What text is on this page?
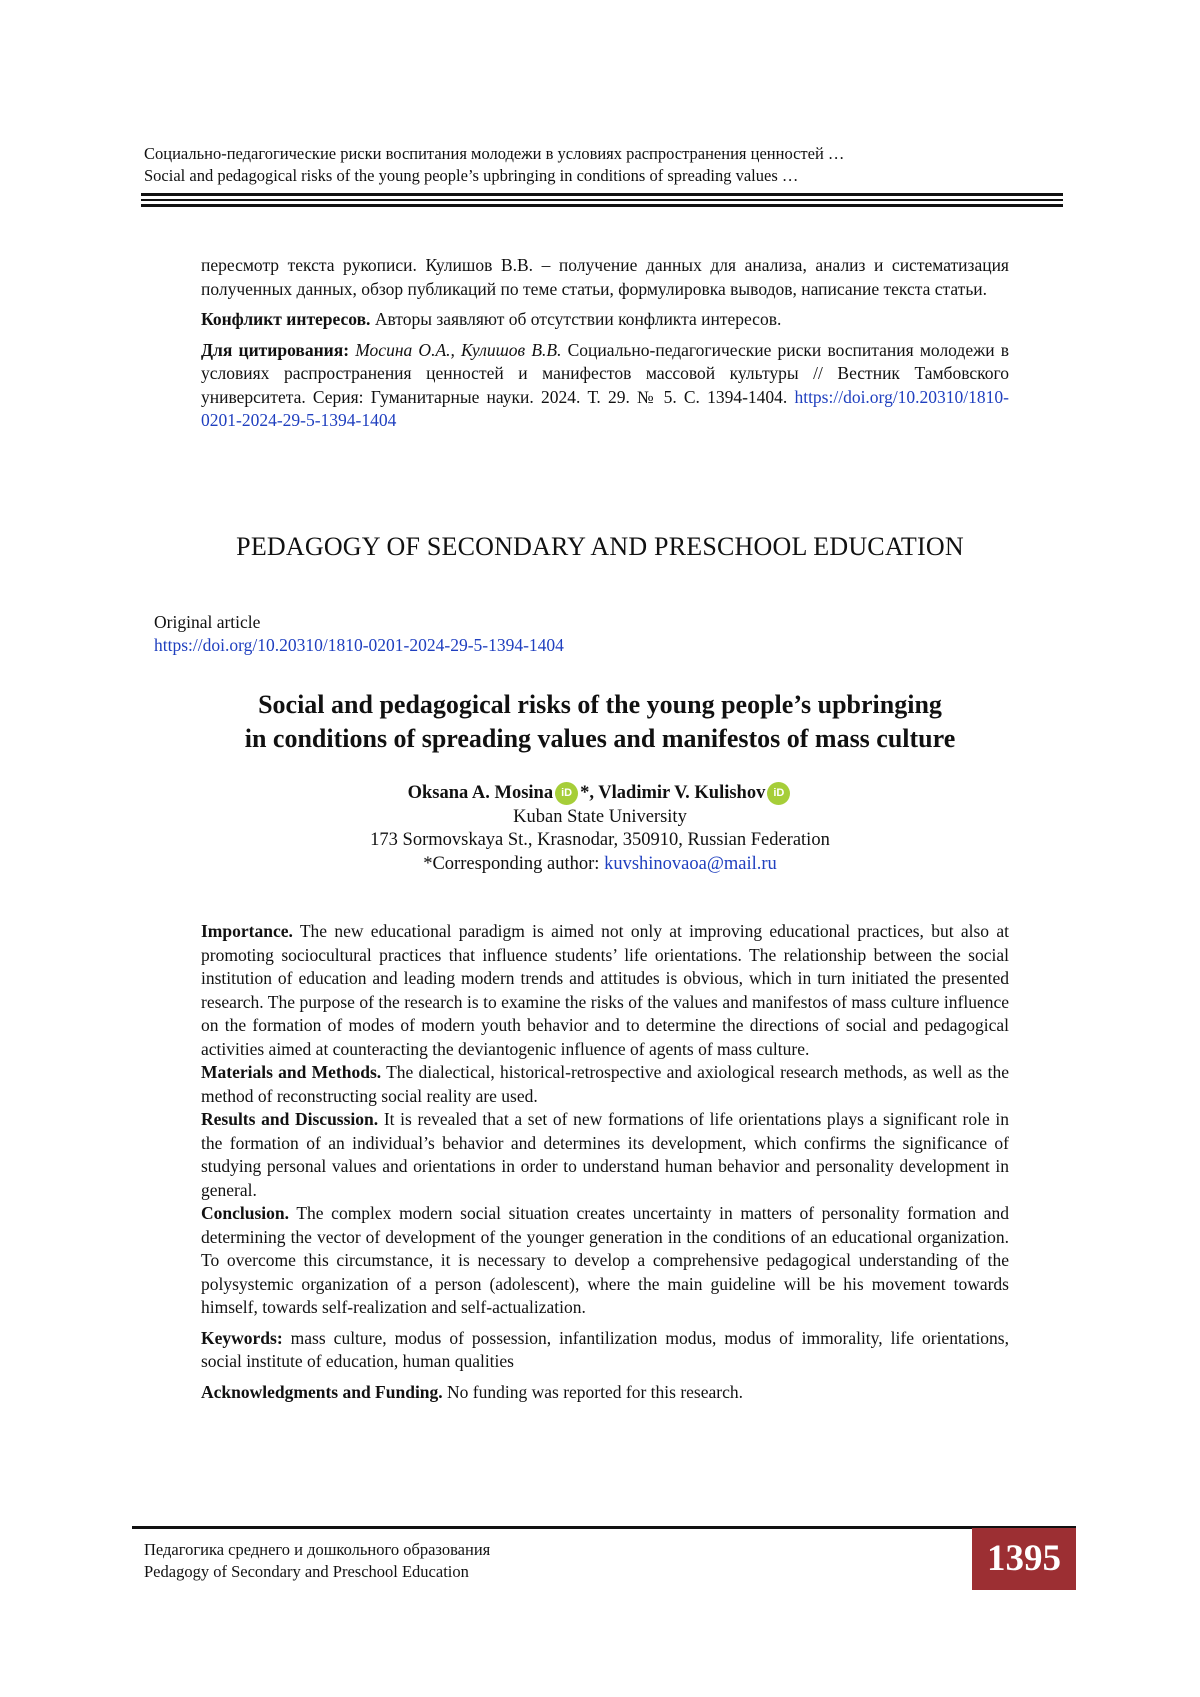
Социально-педагогические риски воспитания молодежи в условиях распространения ценностей …
Social and pedagogical risks of the young people’s upbringing in conditions of spreading values …

пересмотр текста рукописи. Кулишов В.В. – получение данных для анализа, анализ и систематизация полученных данных, обзор публикаций по теме статьи, формулировка выводов, написание текста статьи.

Конфликт интересов. Авторы заявляют об отсутствии конфликта интересов.

Для цитирования: Мосина О.А., Кулишов В.В. Социально-педагогические риски воспитания молодежи в условиях распространения ценностей и манифестов массовой культуры // Вестник Тамбовского университета. Серия: Гуманитарные науки. 2024. Т. 29. № 5. С. 1394-1404. https://doi.org/10.20310/1810-0201-2024-29-5-1394-1404

PEDAGOGY OF SECONDARY AND PRESCHOOL EDUCATION
Original article
https://doi.org/10.20310/1810-0201-2024-29-5-1394-1404
Social and pedagogical risks of the young people’s upbringing
in conditions of spreading values and manifestos of mass culture
Oksana A. Mosina iD *, Vladimir V. Kulishov iD
Kuban State University
173 Sormovskaya St., Krasnodar, 350910, Russian Federation
*Corresponding author: kuvshinovaoa@mail.ru

Importance. The new educational paradigm is aimed not only at improving educational practices, but also at promoting sociocultural practices that influence students’ life orientations. The relationship between the social institution of education and leading modern trends and attitudes is obvious, which in turn initiated the presented research. The purpose of the research is to examine the risks of the values and manifestos of mass culture influence on the formation of modes of modern youth behavior and to determine the directions of social and pedagogical activities aimed at counteracting the deviantogenic influence of agents of mass culture.

Materials and Methods. The dialectical, historical-retrospective and axiological research methods, as well as the method of reconstructing social reality are used.

Results and Discussion. It is revealed that a set of new formations of life orientations plays a significant role in the formation of an individual’s behavior and determines its development, which confirms the significance of studying personal values and orientations in order to understand human behavior and personality development in general.

Conclusion. The complex modern social situation creates uncertainty in matters of personality formation and determining the vector of development of the younger generation in the conditions of an educational organization. To overcome this circumstance, it is necessary to develop a comprehensive pedagogical understanding of the polysystemic organization of a person (adolescent), where the main guideline will be his movement towards himself, towards self-realization and self-actualization.

Keywords: mass culture, modus of possession, infantilization modus, modus of immorality, life orientations, social institute of education, human qualities

Acknowledgments and Funding. No funding was reported for this research.

Педагогика среднего и дошкольного образования
Pedagogy of Secondary and Preschool Education	1395
